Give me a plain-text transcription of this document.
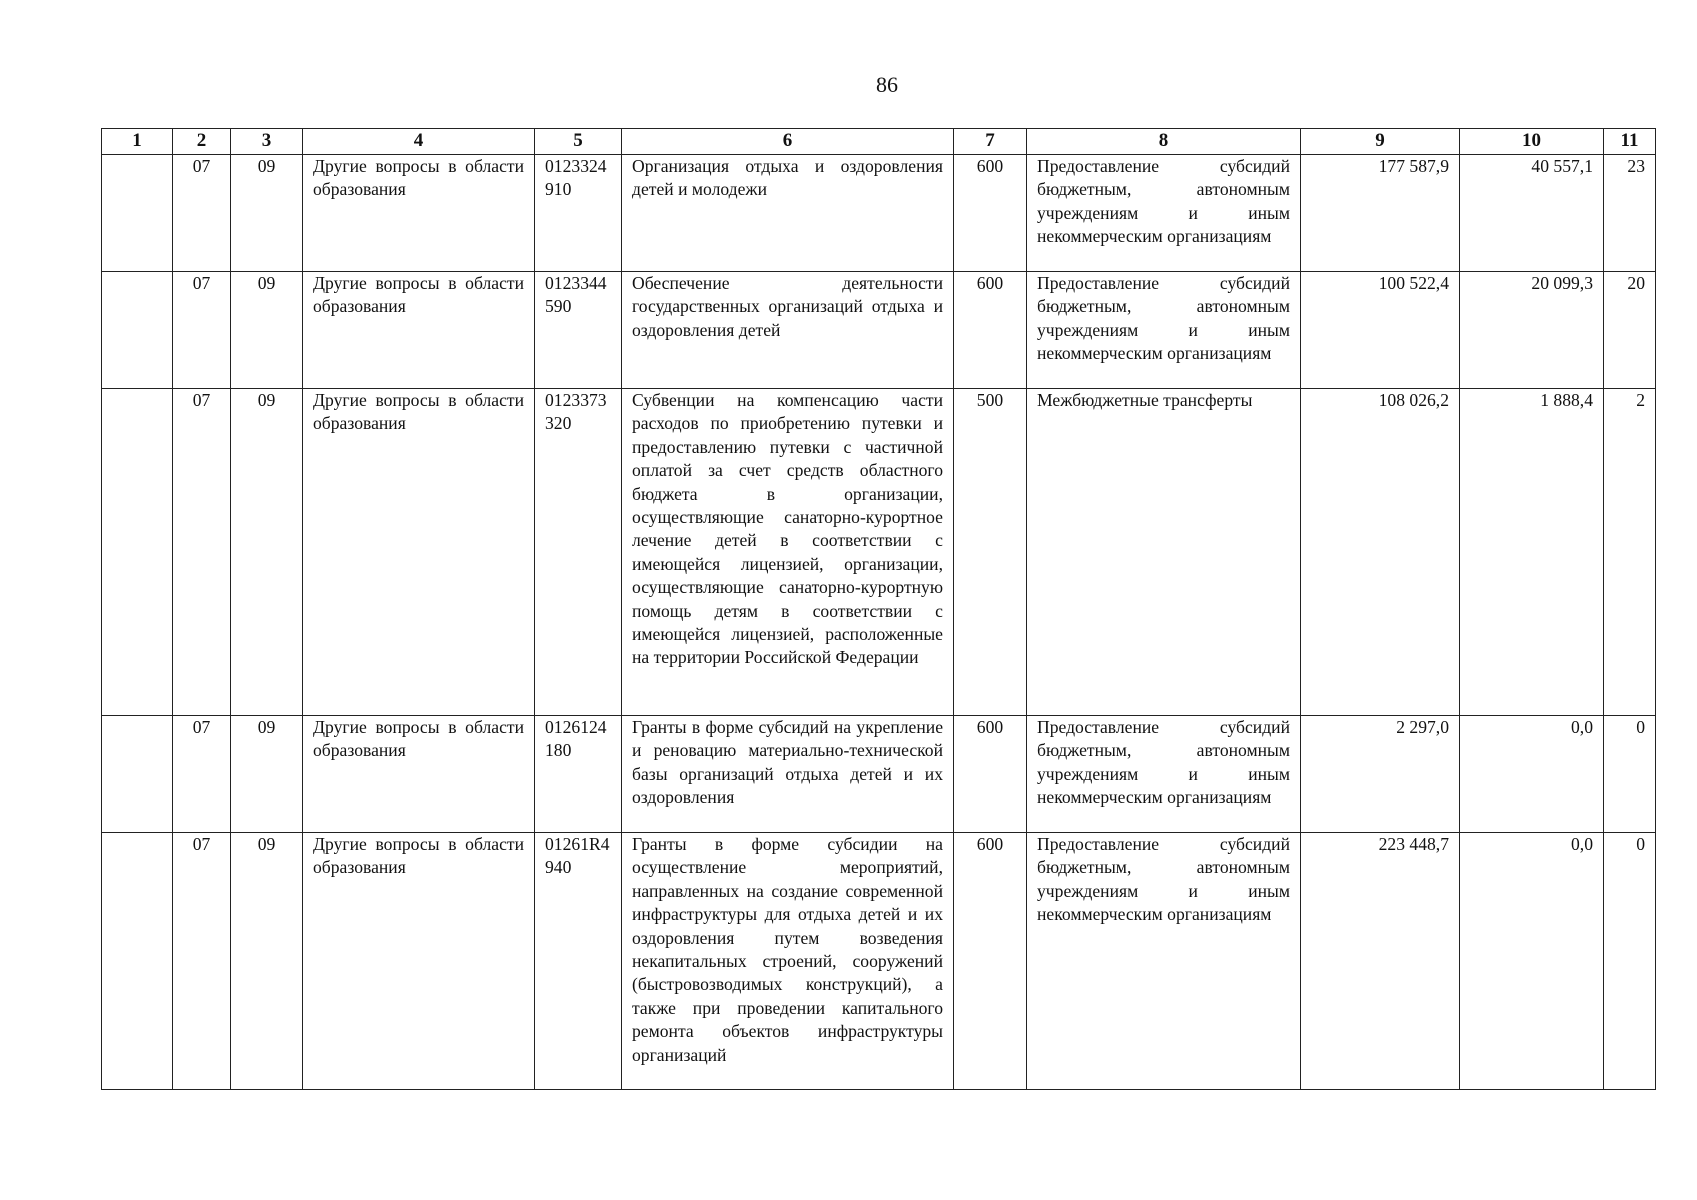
86
1	2	3	4	5	6	7	8	9	10	11
	07	09	Другие вопросы в области образования	0123324910	Организация отдыха и оздоровления детей и молодежи	600	Предоставление субсидий бюджетным, автономным учреждениям и иным некоммерческим организациям	177 587,9	40 557,1	23
	07	09	Другие вопросы в области образования	0123344590	Обеспечение деятельности государственных организаций отдыха и оздоровления детей	600	Предоставление субсидий бюджетным, автономным учреждениям и иным некоммерческим организациям	100 522,4	20 099,3	20
	07	09	Другие вопросы в области образования	0123373320	Субвенции на компенсацию части расходов по приобретению путевки и предоставлению путевки с частичной оплатой за счет средств областного бюджета в организации, осуществляющие санаторно-курортное лечение детей в соответствии с имеющейся лицензией, организации, осуществляющие санаторно-курортную помощь детям в соответствии с имеющейся лицензией, расположенные на территории Российской Федерации	500	Межбюджетные трансферты	108 026,2	1 888,4	2
	07	09	Другие вопросы в области образования	0126124180	Гранты в форме субсидий на укрепление и реновацию материально-технической базы организаций отдыха детей и их оздоровления	600	Предоставление субсидий бюджетным, автономным учреждениям и иным некоммерческим организациям	2 297,0	0,0	0
	07	09	Другие вопросы в области образования	01261R4940	Гранты в форме субсидии на осуществление мероприятий, направленных на создание современной инфраструктуры для отдыха детей и их оздоровления путем возведения некапитальных строений, сооружений (быстровозводимых конструкций), а также при проведении капитального ремонта объектов инфраструктуры организаций	600	Предоставление субсидий бюджетным, автономным учреждениям и иным некоммерческим организациям	223 448,7	0,0	0
